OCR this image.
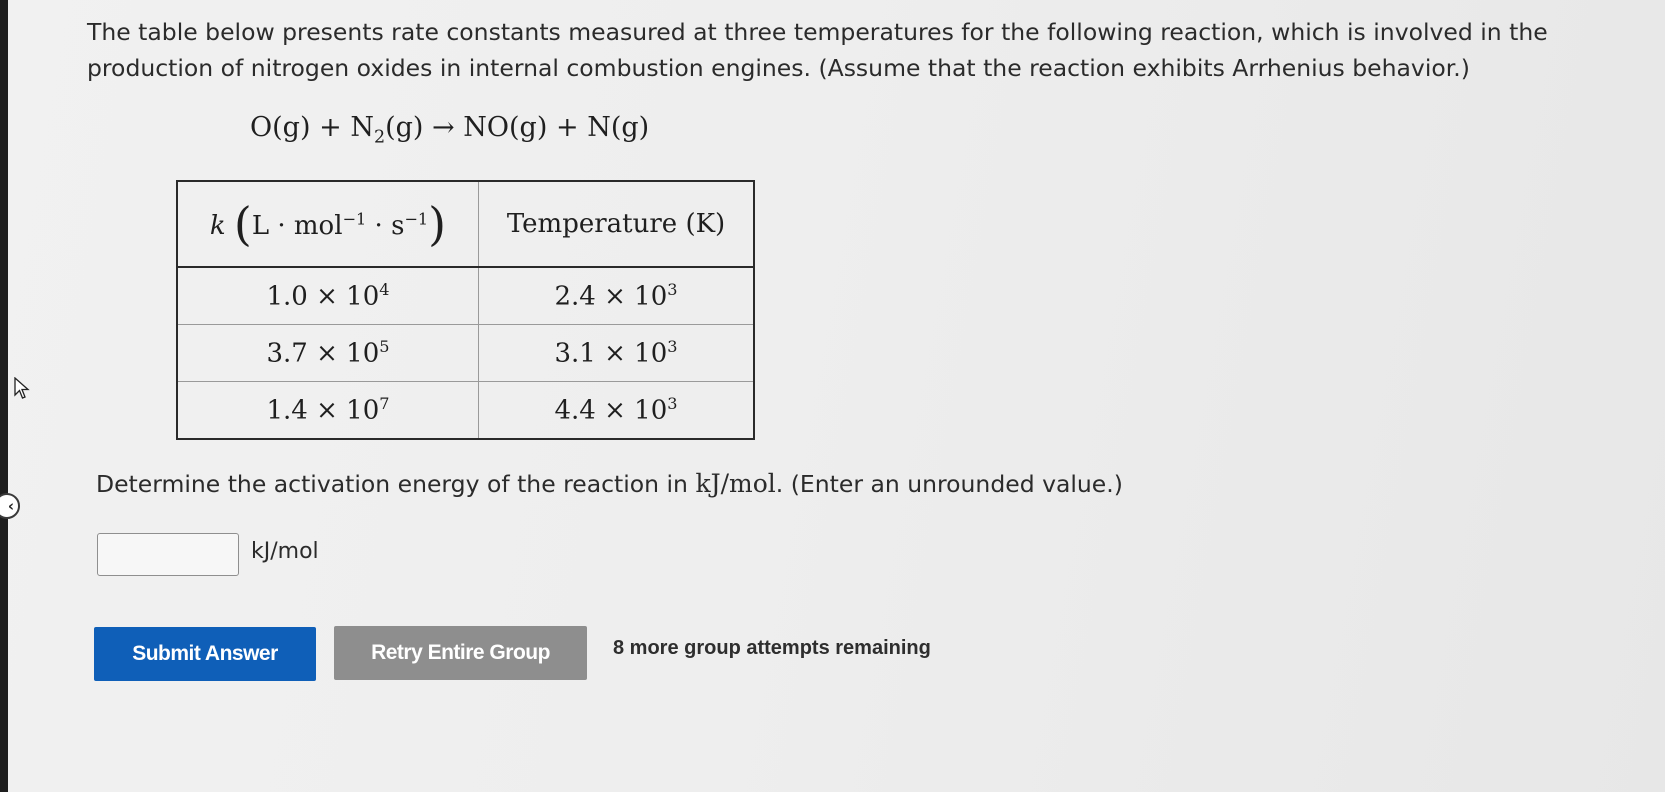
‹

The table below presents rate constants measured at three temperatures for the following reaction, which is involved in the production of nitrogen oxides in internal combustion engines. (Assume that the reaction exhibits Arrhenius behavior.)

$O(g) + N_2(g) \to NO(g) + N(g)$
k $(L \cdot mol^{-1} \cdot s^{-1})$	Temperature (K)
$1.0 \times 10^4$	$2.4 \times 10^3$
$3.7 \times 10^5$	$3.1 \times 10^3$
$1.4 \times 10^7$	$4.4 \times 10^3$
Determine the activation energy of the reaction in kJ/mol. (Enter an unrounded value.)
kJ/mol
Submit Answer	Retry Entire Group	8 more group attempts remaining
